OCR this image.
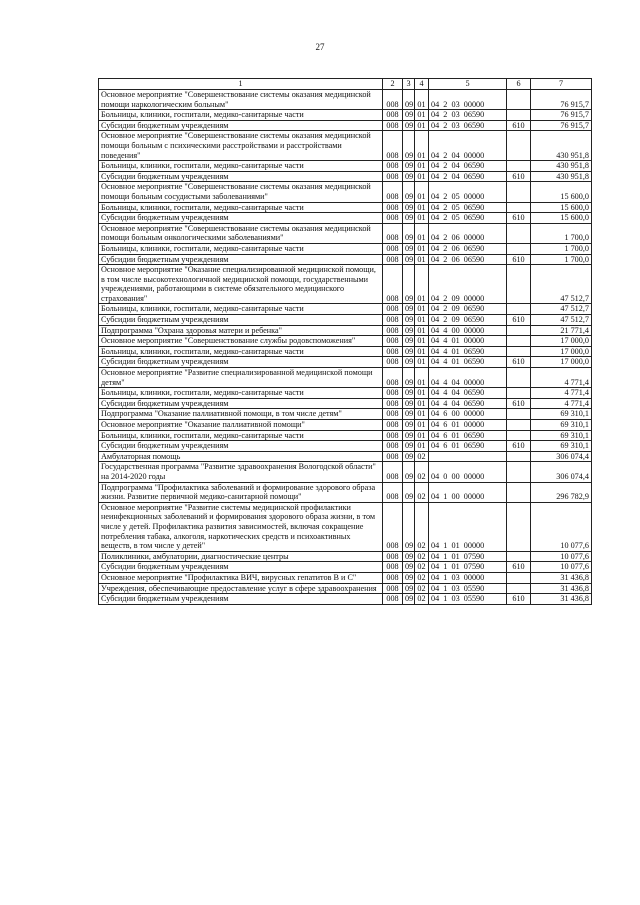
27
1	2	3	4	5	6	7
Основное мероприятие "Совершенствование системы оказания медицинской помощи наркологическим больным"	008	09	01	04  2  03  00000		76 915,7
Больницы, клиники, госпитали, медико-санитарные части	008	09	01	04  2  03  06590		76 915,7
Субсидии бюджетным учреждениям	008	09	01	04  2  03  06590	610	76 915,7
Основное мероприятие "Совершенствование системы оказания медицинской помощи больным с психическими расстройствами и расстройствами поведения"	008	09	01	04  2  04  00000		430 951,8
Больницы, клиники, госпитали, медико-санитарные части	008	09	01	04  2  04  06590		430 951,8
Субсидии бюджетным учреждениям	008	09	01	04  2  04  06590	610	430 951,8
Основное мероприятие "Совершенствование системы оказания медицинской помощи больным сосудистыми заболеваниями"	008	09	01	04  2  05  00000		15 600,0
Больницы, клиники, госпитали, медико-санитарные части	008	09	01	04  2  05  06590		15 600,0
Субсидии бюджетным учреждениям	008	09	01	04  2  05  06590	610	15 600,0
Основное мероприятие "Совершенствование системы оказания медицинской помощи больным онкологическими заболеваниями"	008	09	01	04  2  06  00000		1 700,0
Больницы, клиники, госпитали, медико-санитарные части	008	09	01	04  2  06  06590		1 700,0
Субсидии бюджетным учреждениям	008	09	01	04  2  06  06590	610	1 700,0
Основное мероприятие "Оказание специализированной медицинской помощи, в том числе высокотехнологичной медицинской помощи, государственными учреждениями, работающими в системе обязательного медицинского страхования"	008	09	01	04  2  09  00000		47 512,7
Больницы, клиники, госпитали, медико-санитарные части	008	09	01	04  2  09  06590		47 512,7
Субсидии бюджетным учреждениям	008	09	01	04  2  09  06590	610	47 512,7
Подпрограмма "Охрана здоровья матери и ребенка"	008	09	01	04  4  00  00000		21 771,4
Основное мероприятие "Совершенствование службы родовспоможения"	008	09	01	04  4  01  00000		17 000,0
Больницы, клиники, госпитали, медико-санитарные части	008	09	01	04  4  01  06590		17 000,0
Субсидии бюджетным учреждениям	008	09	01	04  4  01  06590	610	17 000,0
Основное мероприятие "Развитие специализированной медицинской помощи детям"	008	09	01	04  4  04  00000		4 771,4
Больницы, клиники, госпитали, медико-санитарные части	008	09	01	04  4  04  06590		4 771,4
Субсидии бюджетным учреждениям	008	09	01	04  4  04  06590	610	4 771,4
Подпрограмма "Оказание паллиативной помощи, в том числе детям"	008	09	01	04  6  00  00000		69 310,1
Основное мероприятие "Оказание паллиативной помощи"	008	09	01	04  6  01  00000		69 310,1
Больницы, клиники, госпитали, медико-санитарные части	008	09	01	04  6  01  06590		69 310,1
Субсидии бюджетным учреждениям	008	09	01	04  6  01  06590	610	69 310,1
Амбулаторная помощь	008	09	02			306 074,4
Государственная программа "Развитие здравоохранения Вологодской области" на 2014-2020 годы	008	09	02	04  0  00  00000		306 074,4
Подпрограмма "Профилактика заболеваний и формирование здорового образа жизни. Развитие первичной медико-санитарной помощи"	008	09	02	04  1  00  00000		296 782,9
Основное мероприятие "Развитие системы медицинской профилактики неинфекционных заболеваний и формирования здорового образа жизни, в том числе у детей. Профилактика развития зависимостей, включая сокращение потребления табака, алкоголя, наркотических средств и психоактивных веществ, в том числе у детей"	008	09	02	04  1  01  00000		10 077,6
Поликлиники, амбулатории, диагностические центры	008	09	02	04  1  01  07590		10 077,6
Субсидии бюджетным учреждениям	008	09	02	04  1  01  07590	610	10 077,6
Основное мероприятие "Профилактика ВИЧ, вирусных гепатитов В и С"	008	09	02	04  1  03  00000		31 436,8
Учреждения, обеспечивающие предоставление услуг в сфере здравоохранения	008	09	02	04  1  03  05590		31 436,8
Субсидии бюджетным учреждениям	008	09	02	04  1  03  05590	610	31 436,8
